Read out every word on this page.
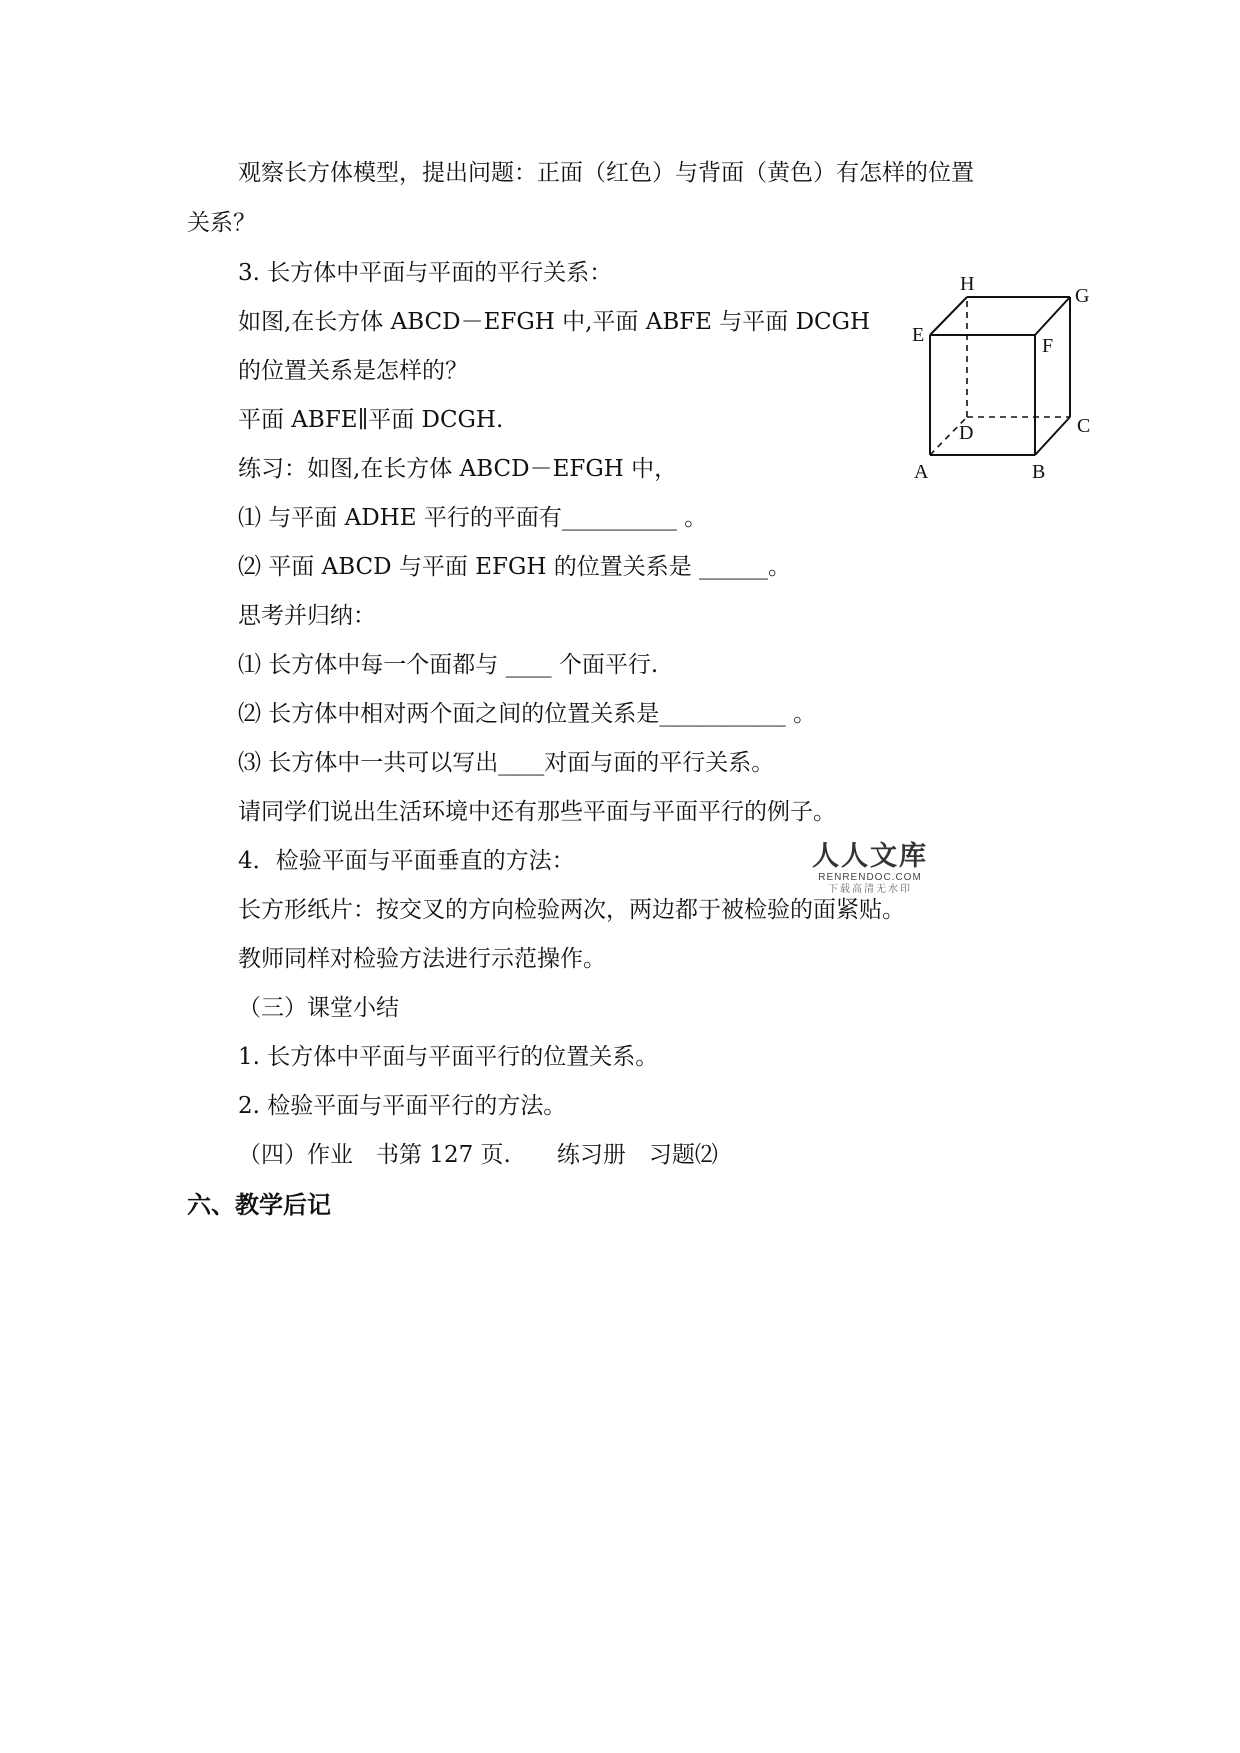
观察长方体模型，提出问题：正面（红色）与背面（黄色）有怎样的位置
关系？
3. 长方体中平面与平面的平行关系：
如图,在长方体 ABCD－EFGH 中,平面 ABFE 与平面 DCGH
的位置关系是怎样的？
平面 ABFE∥平面 DCGH.
练习：如图,在长方体 ABCD－EFGH 中，
⑴ 与平面 ADHE 平行的平面有__________ 。
⑵ 平面 ABCD 与平面 EFGH 的位置关系是 ______。
思考并归纳：
⑴ 长方体中每一个面都与 ____ 个面平行.
⑵ 长方体中相对两个面之间的位置关系是___________ 。
⑶ 长方体中一共可以写出____对面与面的平行关系。
请同学们说出生活环境中还有那些平面与平面平行的例子。
4．检验平面与平面垂直的方法：
长方形纸片：按交叉的方向检验两次，两边都于被检验的面紧贴。
教师同样对检验方法进行示范操作。
（三）课堂小结
1. 长方体中平面与平面平行的位置关系。
2. 检验平面与平面平行的方法。
（四）作业　书第 127 页.　　练习册　习题⑵
六、教学后记
H
G
E	F
D	C
A	B
人人文库
RENRENDOC.COM
下载高清无水印
